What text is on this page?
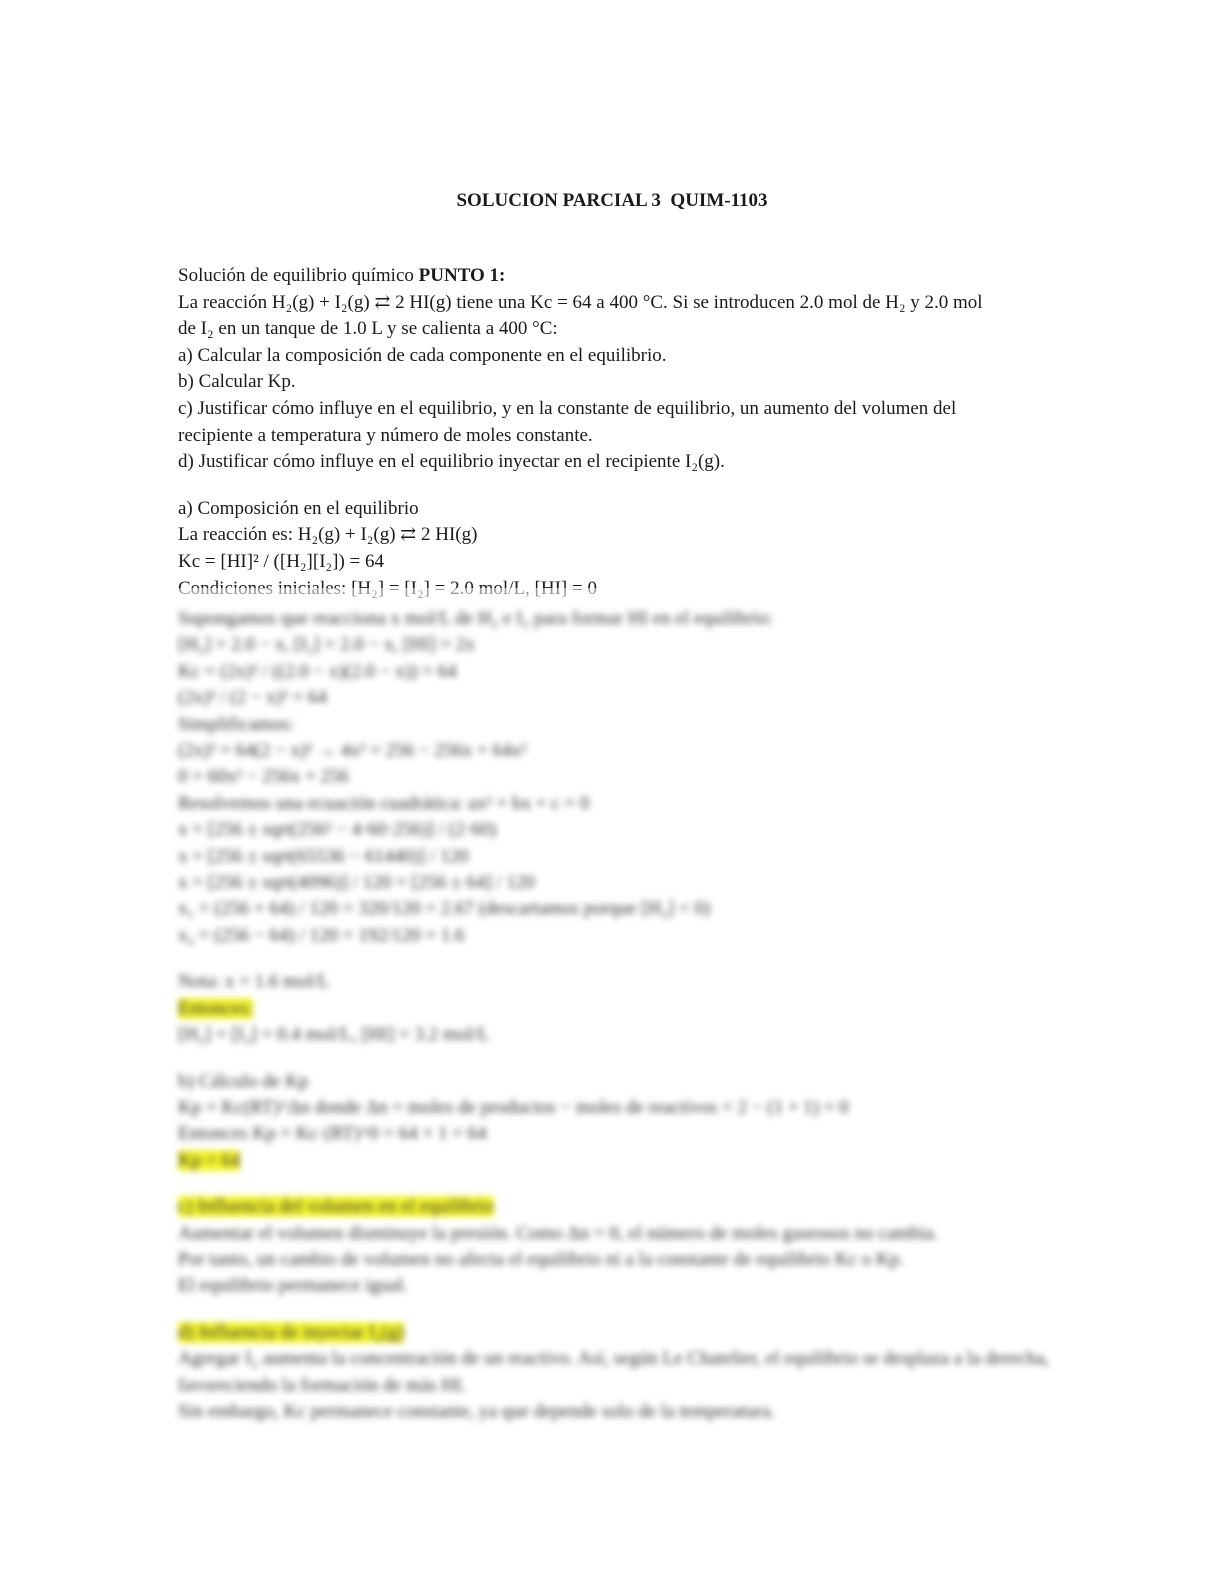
SOLUCION PARCIAL 3  QUIM-1103

Solución de equilibrio químico PUNTO 1:

La reacción H₂(g) + I₂(g) ⇄ 2 HI(g) tiene una Kc = 64 a 400 °C. Si se introducen 2.0 mol de H₂ y 2.0 mol

de I₂ en un tanque de 1.0 L y se calienta a 400 °C:

a) Calcular la composición de cada componente en el equilibrio.

b) Calcular Kp.

c) Justificar cómo influye en el equilibrio, y en la constante de equilibrio, un aumento del volumen del

recipiente a temperatura y número de moles constante.

d) Justificar cómo influye en el equilibrio inyectar en el recipiente I₂(g).

a) Composición en el equilibrio

La reacción es: H₂(g) + I₂(g) ⇄ 2 HI(g)

Kc = [HI]² / ([H₂][I₂]) = 64

Supongamos que reacciona x mol/L de H₂ e I₂ para formar HI en el equilibrio:

[H₂] = 2.0 − x, [I₂] = 2.0 − x, [HI] = 2x

Kc = (2x)² / ((2.0 − x)(2.0 − x)) = 64

(2x)² / (2 − x)² = 64

Simplificamos:

(2x)² = 64(2 − x)² → 4x² = 256 − 256x + 64x²

0 = 60x² − 256x + 256

Resolvemos una ecuación cuadrática: ax² + bx + c = 0

x = [256 ± sqrt(256² − 4·60·256)] / (2·60)

x = [256 ± sqrt(65536 − 61440)] / 120

x = [256 ± sqrt(4096)] / 120 = [256 ± 64] / 120

x₁ = (256 + 64) / 120 = 320/120 = 2.67 (descartamos porque [H₂] < 0)

x₂ = (256 − 64) / 120 = 192/120 = 1.6

Nota: x = 1.6 mol/L

Entonces:

[H₂] = [I₂] = 0.4 mol/L, [HI] = 3.2 mol/L

b) Cálculo de Kp

Kp = Kc(RT)^Δn donde Δn = moles de productos − moles de reactivos = 2 − (1 + 1) = 0

Entonces Kp = Kc·(RT)^0 = 64 × 1 = 64

Kp = 64

c) Influencia del volumen en el equilibrio

Aumentar el volumen disminuye la presión. Como Δn = 0, el número de moles gaseosos no cambia.

Por tanto, un cambio de volumen no afecta el equilibrio ni a la constante de equilibrio Kc o Kp.

El equilibrio permanece igual.

d) Influencia de inyectar I₂(g)

Agregar I₂ aumenta la concentración de un reactivo. Así, según Le Chatelier, el equilibrio se desplaza a la derecha,

favoreciendo la formación de más HI.

Sin embargo, Kc permanece constante, ya que depende solo de la temperatura.
